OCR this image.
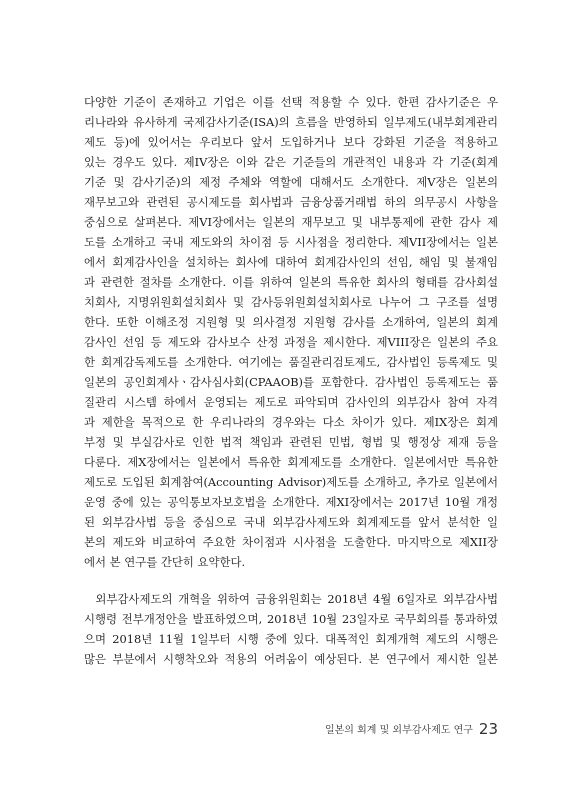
다양한 기준이 존재하고 기업은 이를 선택 적용할 수 있다. 한편 감사기준은 우
리나라와 유사하게 국제감사기준(ISA)의 흐름을 반영하되 일부제도(내부회계관리
제도 등)에 있어서는 우리보다 앞서 도입하거나 보다 강화된 기준을 적용하고
있는 경우도 있다. 제IV장은 이와 같은 기준들의 개관적인 내용과 각 기준(회계
기준 및 감사기준)의 제정 주체와 역할에 대해서도 소개한다. 제V장은 일본의
재무보고와 관련된 공시제도를 회사법과 금융상품거래법 하의 의무공시 사항을
중심으로 살펴본다. 제VI장에서는 일본의 재무보고 및 내부통제에 관한 감사 제
도를 소개하고 국내 제도와의 차이점 등 시사점을 정리한다. 제VII장에서는 일본
에서 회계감사인을 설치하는 회사에 대하여 회계감사인의 선임, 해임 및 불재임
과 관련한 절차를 소개한다. 이를 위하여 일본의 특유한 회사의 형태를 감사회설
치회사, 지명위원회설치회사 및 감사등위원회설치회사로 나누어 그 구조를 설명
한다. 또한 이해조정 지원형 및 의사결정 지원형 감사를 소개하여, 일본의 회계
감사인 선임 등 제도와 감사보수 산정 과정을 제시한다. 제VIII장은 일본의 주요
한 회계감독제도를 소개한다. 여기에는 품질관리검토제도, 감사법인 등록제도 및
일본의 공인회계사ㆍ감사심사회(CPAAOB)를 포함한다. 감사법인 등록제도는 품
질관리 시스템 하에서 운영되는 제도로 파악되며 감사인의 외부감사 참여 자격
과 제한을 목적으로 한 우리나라의 경우와는 다소 차이가 있다. 제IX장은 회계
부정 및 부실감사로 인한 법적 책임과 관련된 민법, 형법 및 행정상 제재 등을
다룬다. 제X장에서는 일본에서 특유한 회계제도를 소개한다. 일본에서만 특유한
제도로 도입된 회계참여(Accounting Advisor)제도를 소개하고, 추가로 일본에서
운영 중에 있는 공익통보자보호법을 소개한다. 제XI장에서는 2017년 10월 개정
된 외부감사법 등을 중심으로 국내 외부감사제도와 회계제도를 앞서 분석한 일
본의 제도와 비교하여 주요한 차이점과 시사점을 도출한다. 마지막으로 제XII장
에서 본 연구를 간단히 요약한다.
외부감사제도의 개혁을 위하여 금융위원회는 2018년 4월 6일자로 외부감사법
시행령 전부개정안을 발표하였으며, 2018년 10월 23일자로 국무회의를 통과하였
으며 2018년 11월 1일부터 시행 중에 있다. 대폭적인 회계개혁 제도의 시행은
많은 부분에서 시행착오와 적용의 어려움이 예상된다. 본 연구에서 제시한 일본
일본의 회계 및 외부감사제도 연구 23
